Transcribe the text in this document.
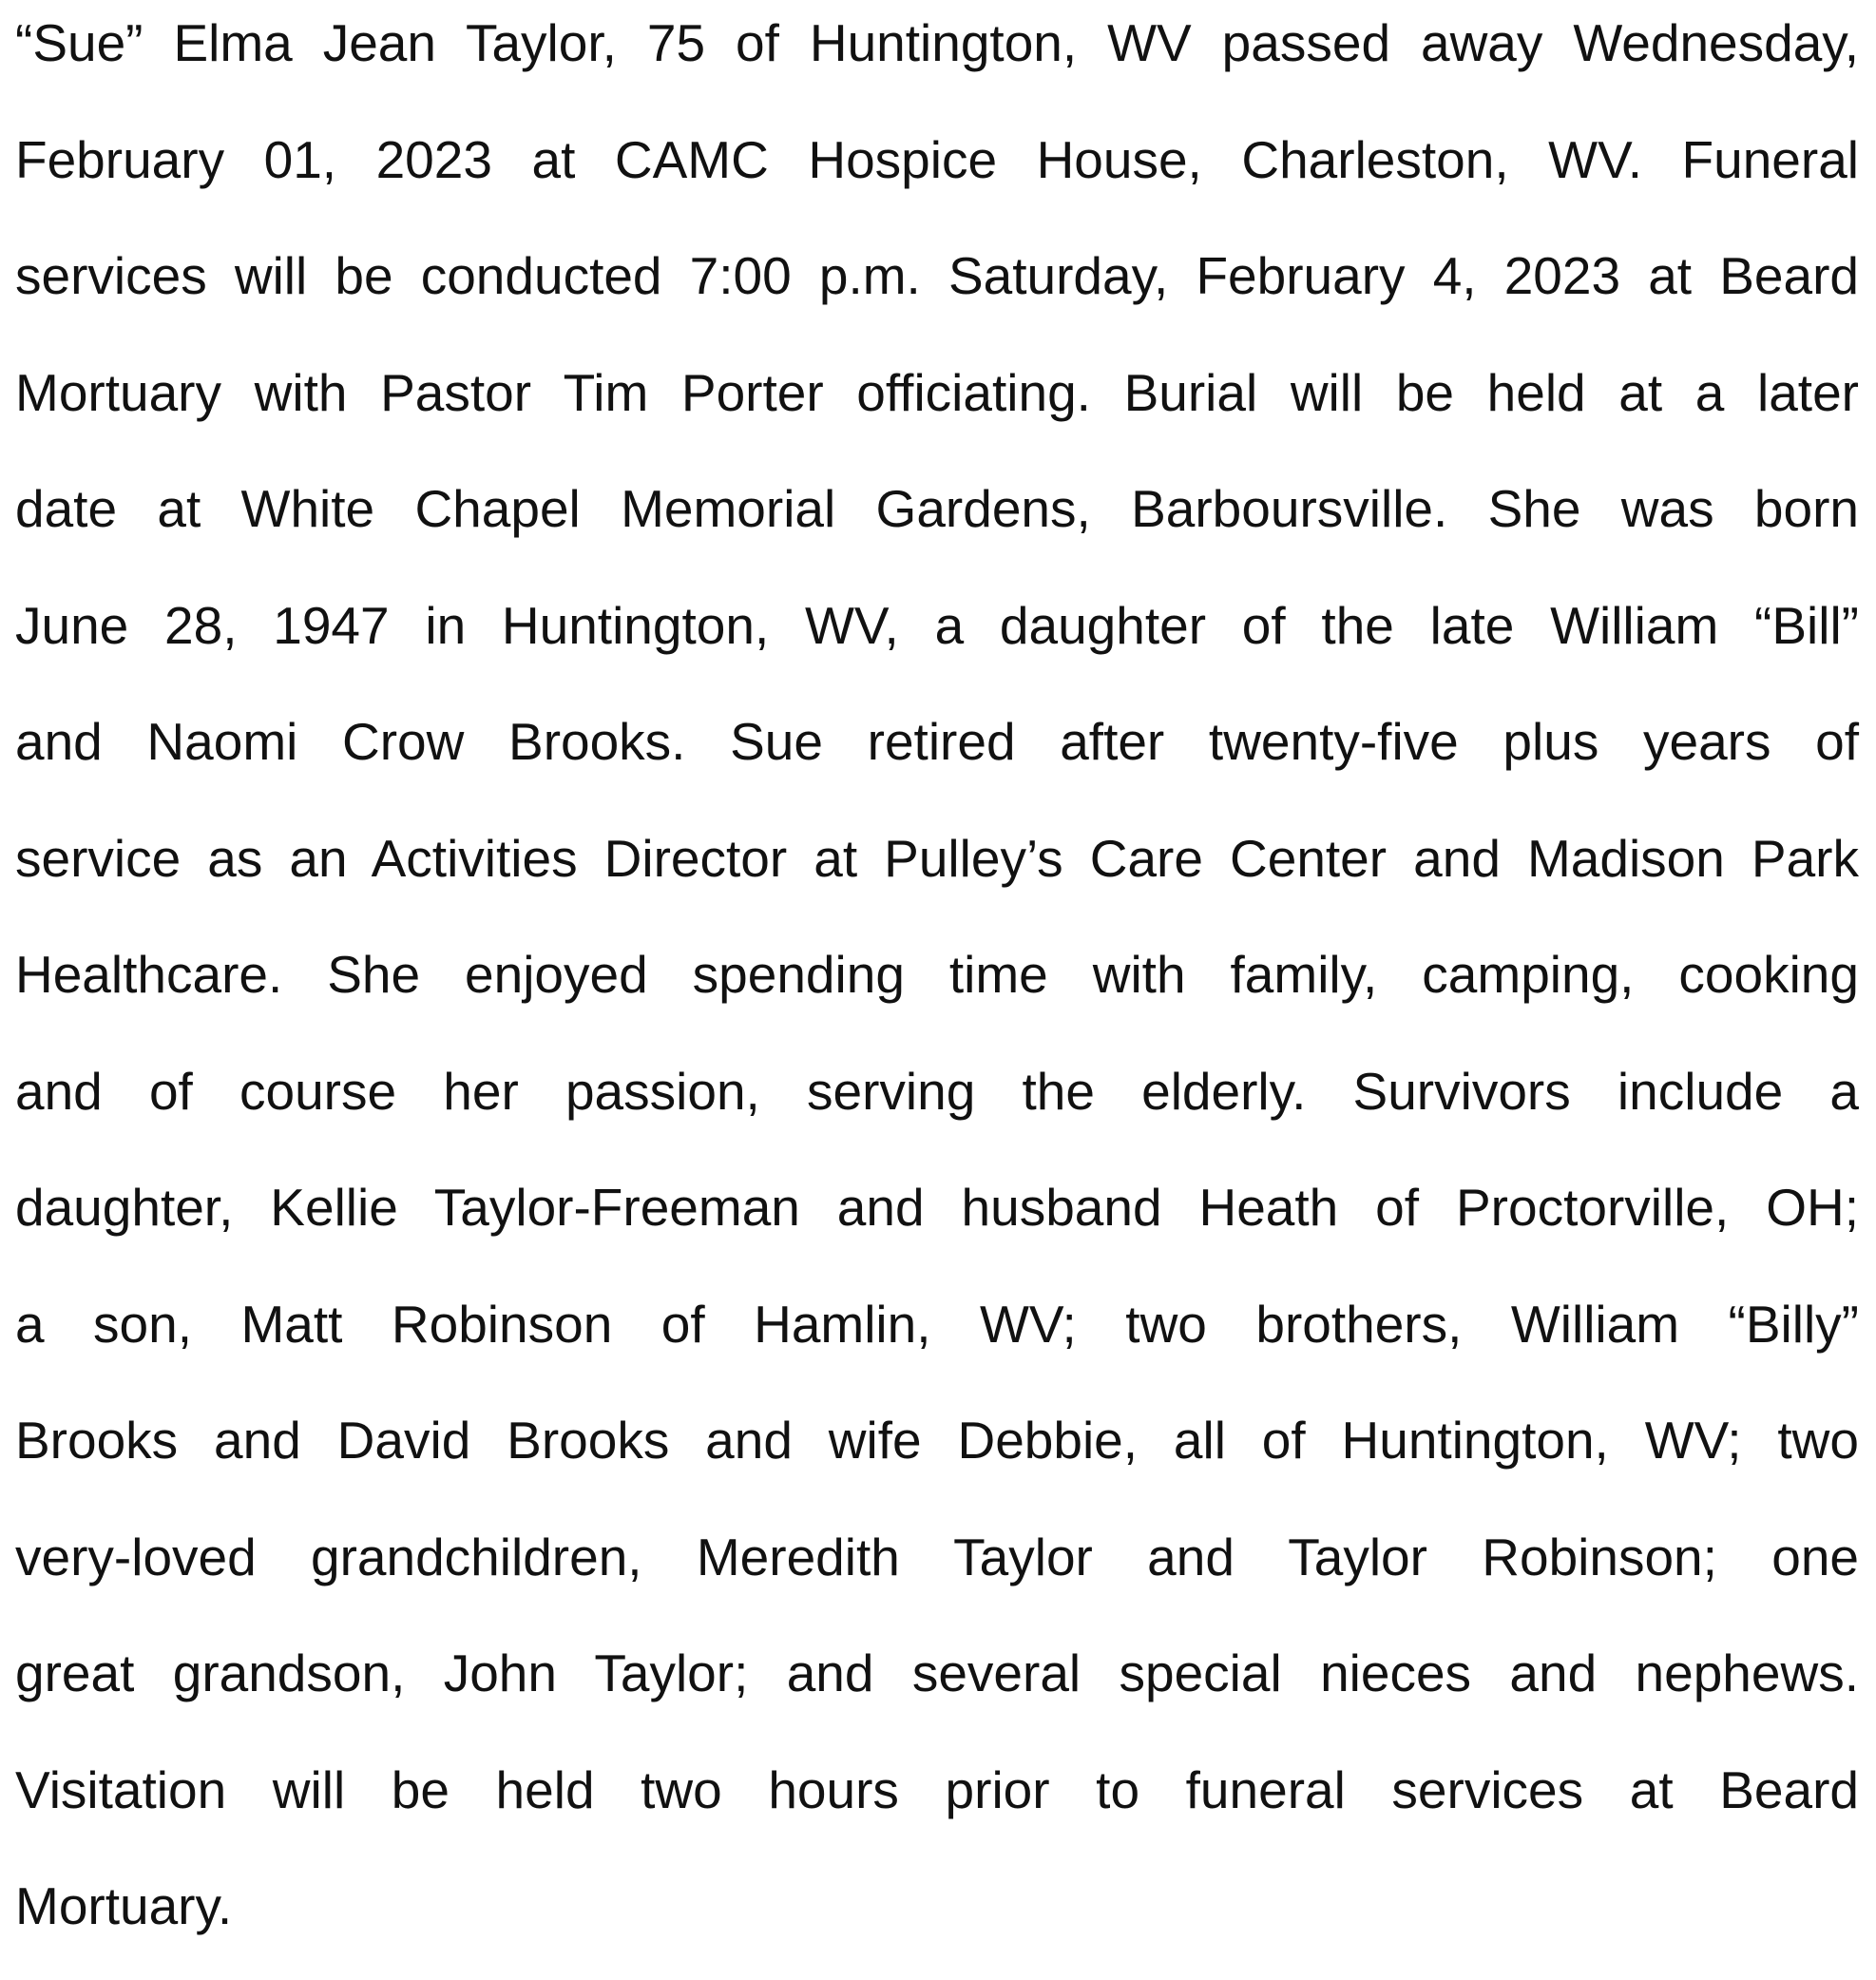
“Sue” Elma Jean Taylor, 75 of Huntington, WV passed away Wednesday,
February 01, 2023 at CAMC Hospice House, Charleston, WV. Funeral
services will be conducted 7:00 p.m. Saturday, February 4, 2023 at Beard
Mortuary with Pastor Tim Porter officiating. Burial will be held at a later
date at White Chapel Memorial Gardens, Barboursville. She was born
June 28, 1947 in Huntington, WV, a daughter of the late William “Bill”
and Naomi Crow Brooks. Sue retired after twenty-five plus years of
service as an Activities Director at Pulley’s Care Center and Madison Park
Healthcare. She enjoyed spending time with family, camping, cooking
and of course her passion, serving the elderly. Survivors include a
daughter, Kellie Taylor-Freeman and husband Heath of Proctorville, OH;
a son, Matt Robinson of Hamlin, WV; two brothers, William “Billy”
Brooks and David Brooks and wife Debbie, all of Huntington, WV; two
very-loved grandchildren, Meredith Taylor and Taylor Robinson; one
great grandson, John Taylor; and several special nieces and nephews.
Visitation will be held two hours prior to funeral services at Beard
Mortuary.
